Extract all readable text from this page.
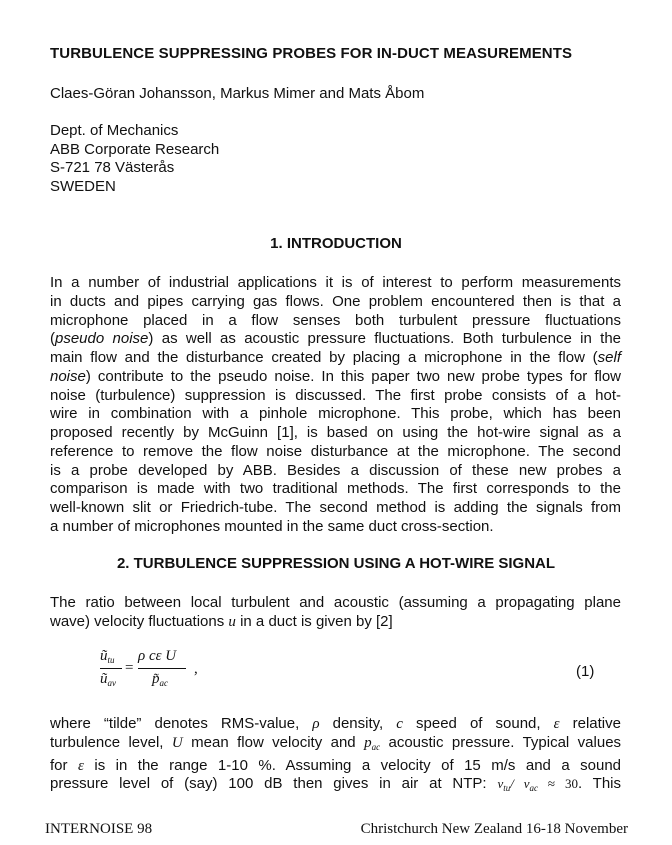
TURBULENCE SUPPRESSING PROBES FOR IN-DUCT MEASUREMENTS
Claes-Göran Johansson, Markus Mimer and Mats Åbom
Dept. of Mechanics
ABB Corporate Research
S-721 78 Västerås
SWEDEN
1. INTRODUCTION
In a number of industrial applications it is of interest to perform measurements
in ducts and pipes carrying gas flows. One problem encountered then is that a
microphone placed in a flow senses both turbulent pressure fluctuations
(pseudo noise) as well as acoustic pressure fluctuations. Both turbulence in the
main flow and the disturbance created by placing a microphone in the flow (self
noise) contribute to the pseudo noise. In this paper two new probe types for flow
noise (turbulence) suppression is discussed. The first probe consists of a hot-
wire in combination with a pinhole microphone. This probe, which has been
proposed recently by McGuinn [1], is based on using the hot-wire signal as a
reference to remove the flow noise disturbance at the microphone. The second
is a probe developed by ABB. Besides a discussion of these new probes a
comparison is made with two traditional methods. The first corresponds to the
well-known slit or Friedrich-tube. The second method is adding the signals from
a number of microphones mounted in the same duct cross-section.
2. TURBULENCE SUPPRESSION USING A HOT-WIRE SIGNAL
The ratio between local turbulent and acoustic (assuming a propagating plane
wave) velocity fluctuations u in a duct is given by [2]
$ũ_{tu}$
$ũ_{av}$
=
ρ cε U
$p̃_{ac}$
,	(1)
where “tilde” denotes RMS-value, ρ density, c speed of sound, ε relative
turbulence level, U mean flow velocity and $p_{ac}$ acoustic pressure. Typical values
for ε is in the range 1-10 %. Assuming a velocity of 15 m/s and a sound
pressure level of (say) 100 dB then gives in air at NTP: $v_{tu}/$ $v_{ac} \approx 30$. This
INTERNOISE 98	Christchurch New Zealand 16-18 November
